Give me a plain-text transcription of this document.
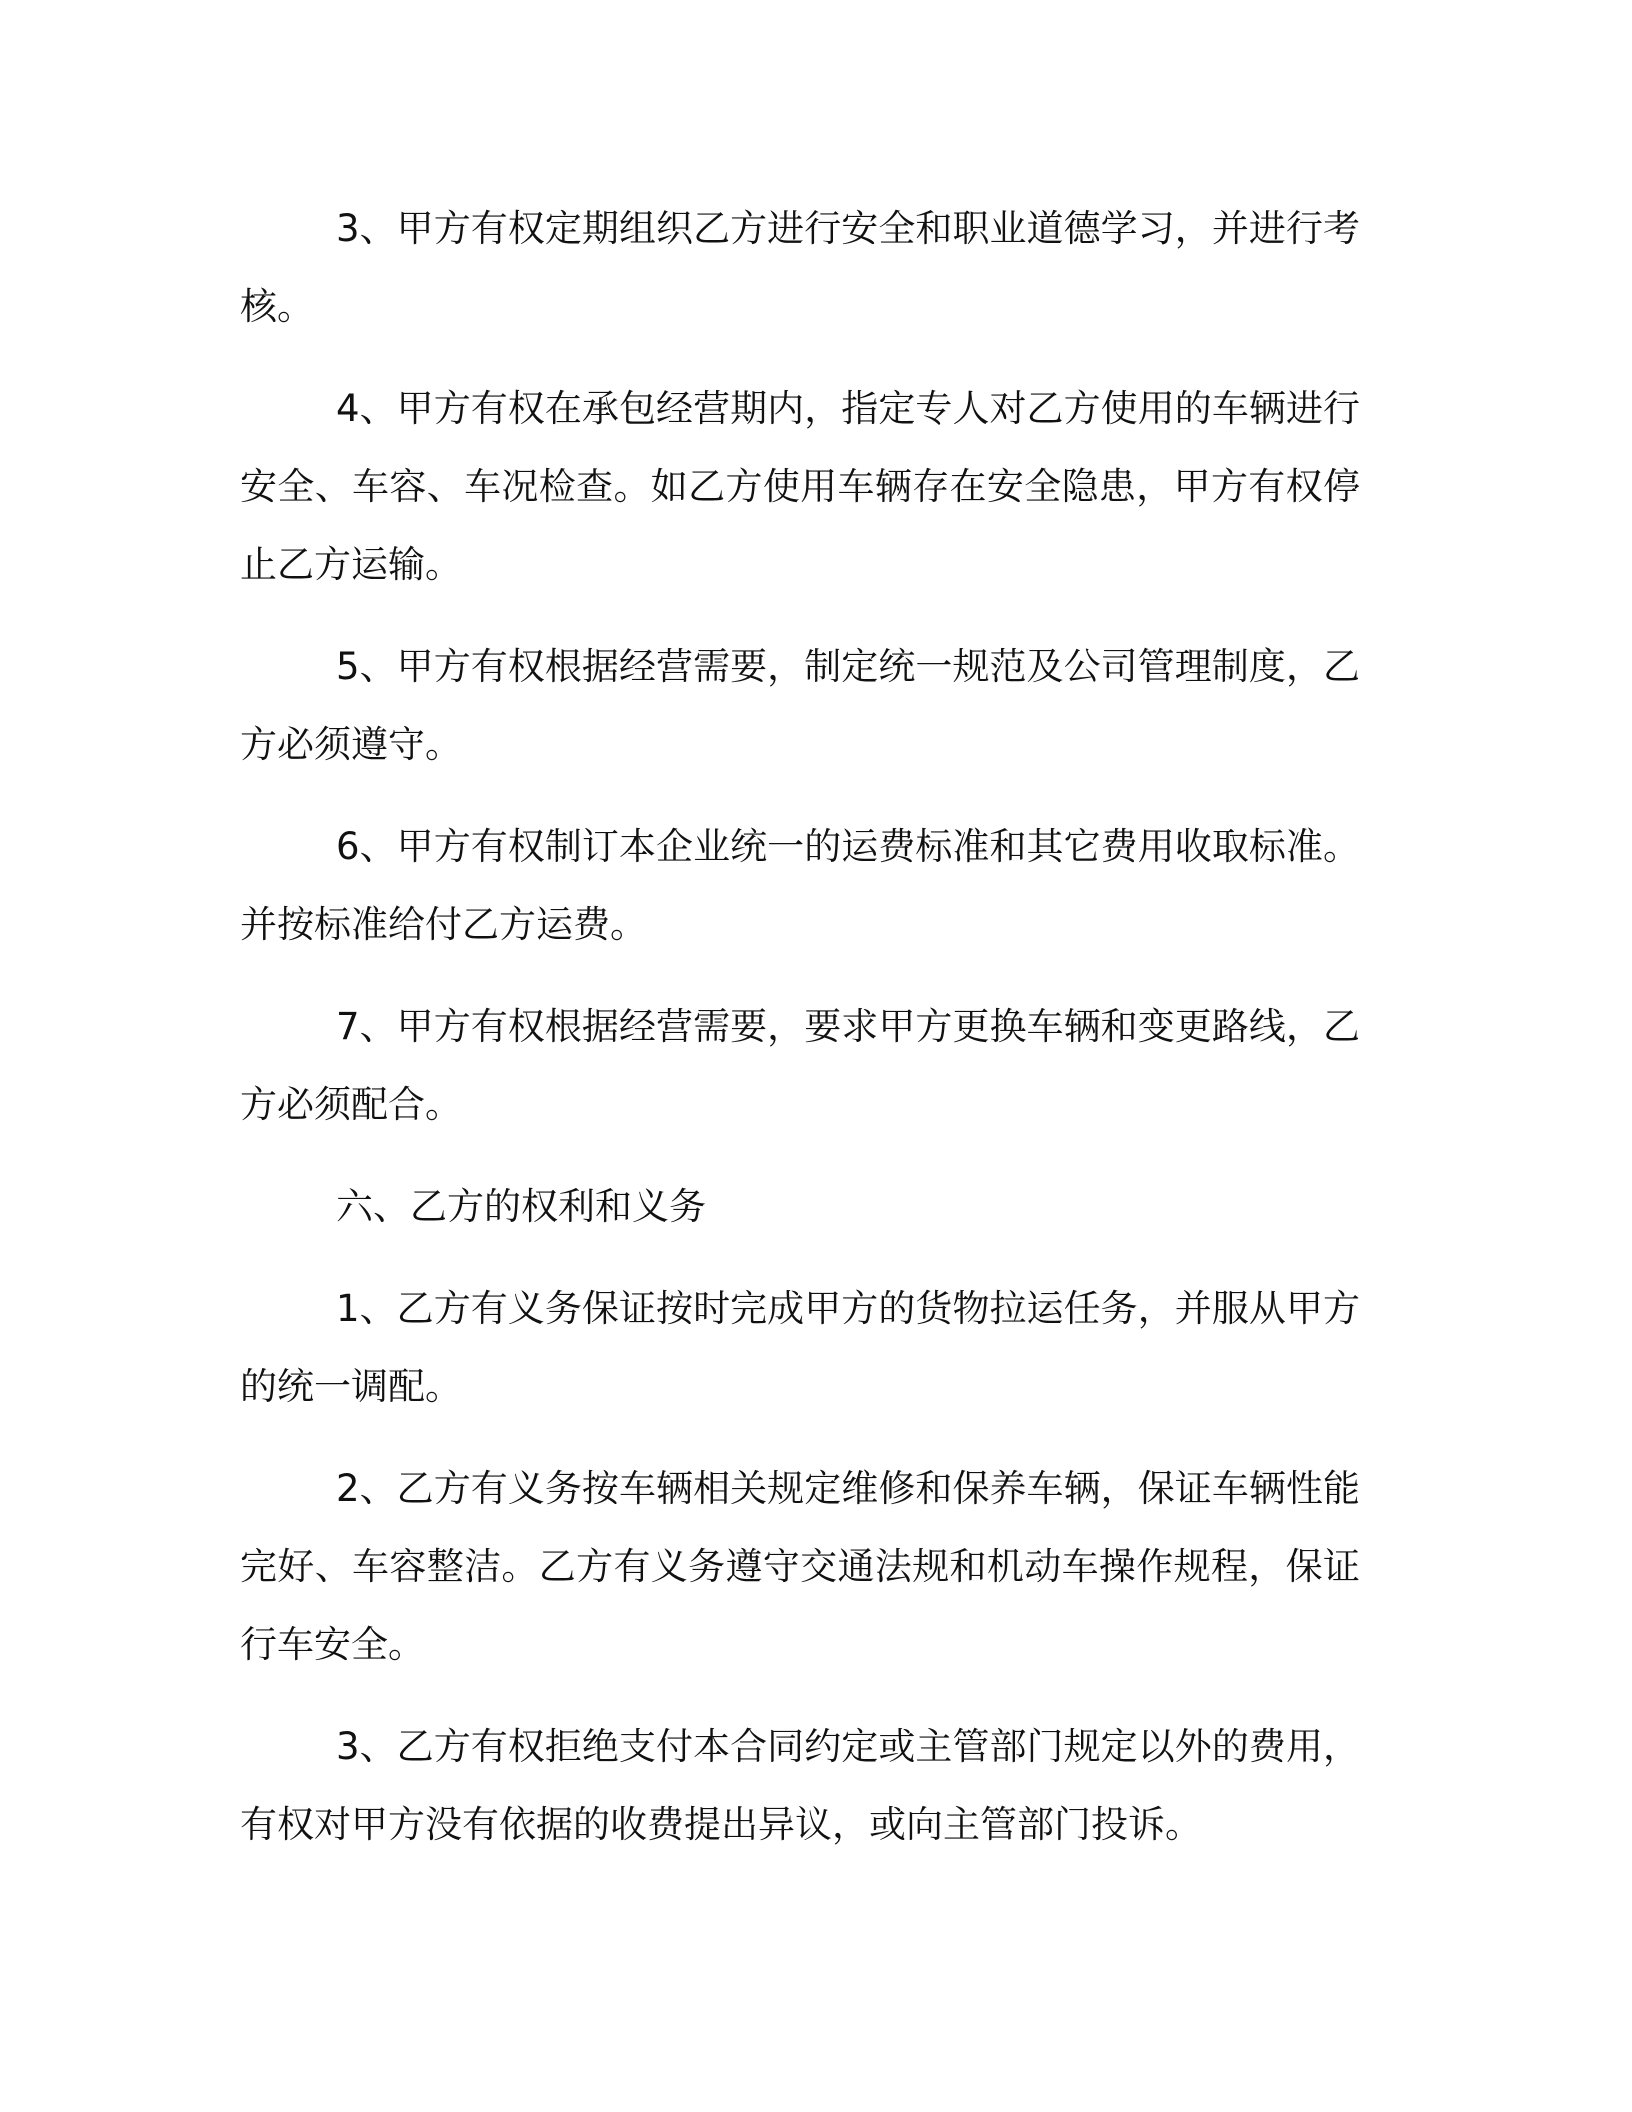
3、甲方有权定期组织乙方进行安全和职业道德学习，并进行考核。

4、甲方有权在承包经营期内，指定专人对乙方使用的车辆进行安全、车容、车况检查。如乙方使用车辆存在安全隐患，甲方有权停止乙方运输。

5、甲方有权根据经营需要，制定统一规范及公司管理制度，乙方必须遵守。

6、甲方有权制订本企业统一的运费标准和其它费用收取标准。并按标准给付乙方运费。

7、甲方有权根据经营需要，要求甲方更换车辆和变更路线，乙方必须配合。

六、乙方的权利和义务

1、乙方有义务保证按时完成甲方的货物拉运任务，并服从甲方的统一调配。

2、乙方有义务按车辆相关规定维修和保养车辆，保证车辆性能完好、车容整洁。乙方有义务遵守交通法规和机动车操作规程，保证行车安全。

3、乙方有权拒绝支付本合同约定或主管部门规定以外的费用，有权对甲方没有依据的收费提出异议，或向主管部门投诉。
